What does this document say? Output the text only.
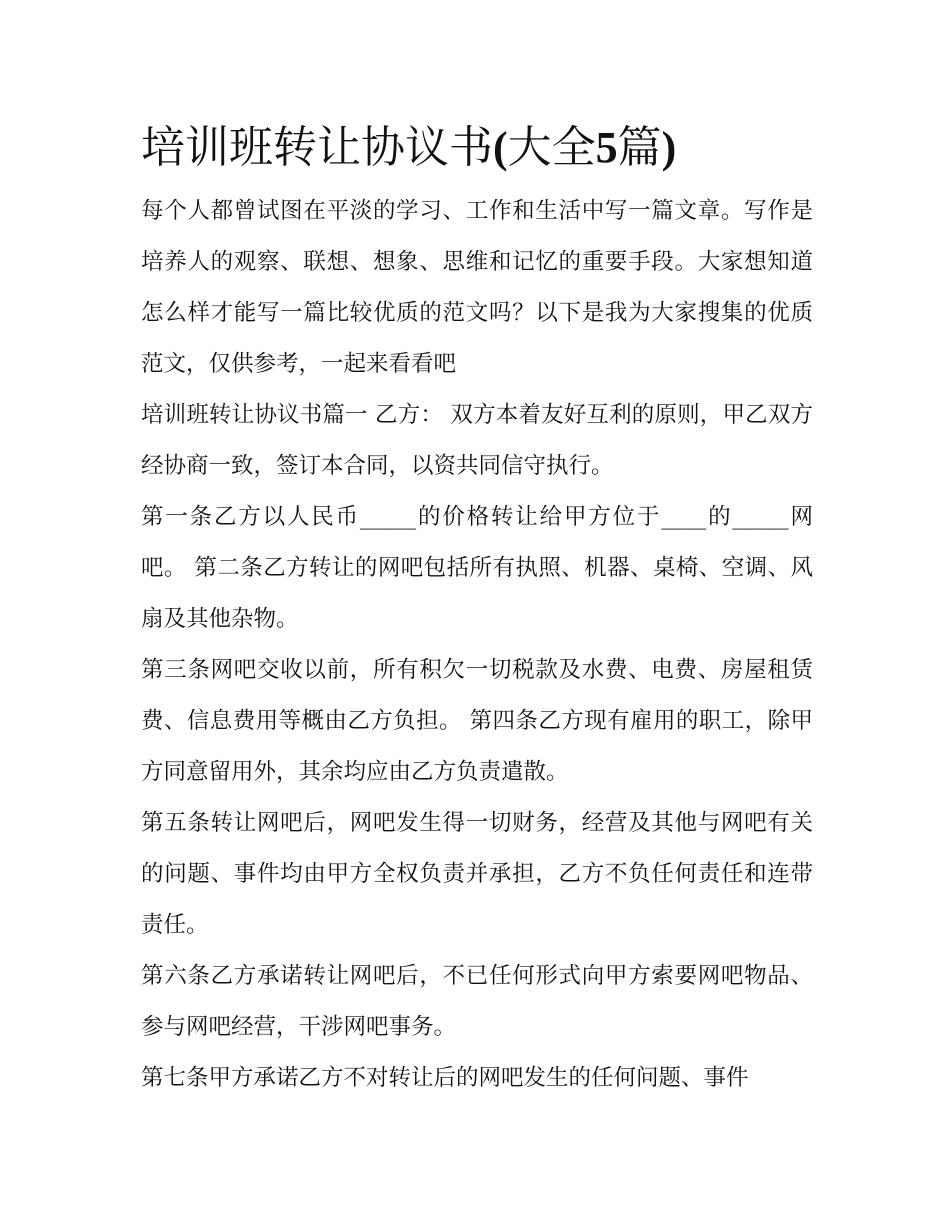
培训班转让协议书(大全5篇)

每个人都曾试图在平淡的学习、工作和生活中写一篇文章。写作是培养人的观察、联想、想象、思维和记忆的重要手段。大家想知道怎么样才能写一篇比较优质的范文吗？以下是我为大家搜集的优质范文，仅供参考，一起来看看吧

培训班转让协议书篇一 乙方： 双方本着友好互利的原则，甲乙双方经协商一致，签订本合同，以资共同信守执行。

第一条乙方以人民币_____的价格转让给甲方位于____的_____网吧。 第二条乙方转让的网吧包括所有执照、机器、桌椅、空调、风扇及其他杂物。

第三条网吧交收以前，所有积欠一切税款及水费、电费、房屋租赁费、信息费用等概由乙方负担。 第四条乙方现有雇用的职工，除甲方同意留用外，其余均应由乙方负责遣散。

第五条转让网吧后，网吧发生得一切财务，经营及其他与网吧有关的问题、事件均由甲方全权负责并承担，乙方不负任何责任和连带责任。

第六条乙方承诺转让网吧后，不已任何形式向甲方索要网吧物品、参与网吧经营，干涉网吧事务。

第七条甲方承诺乙方不对转让后的网吧发生的任何问题、事件
